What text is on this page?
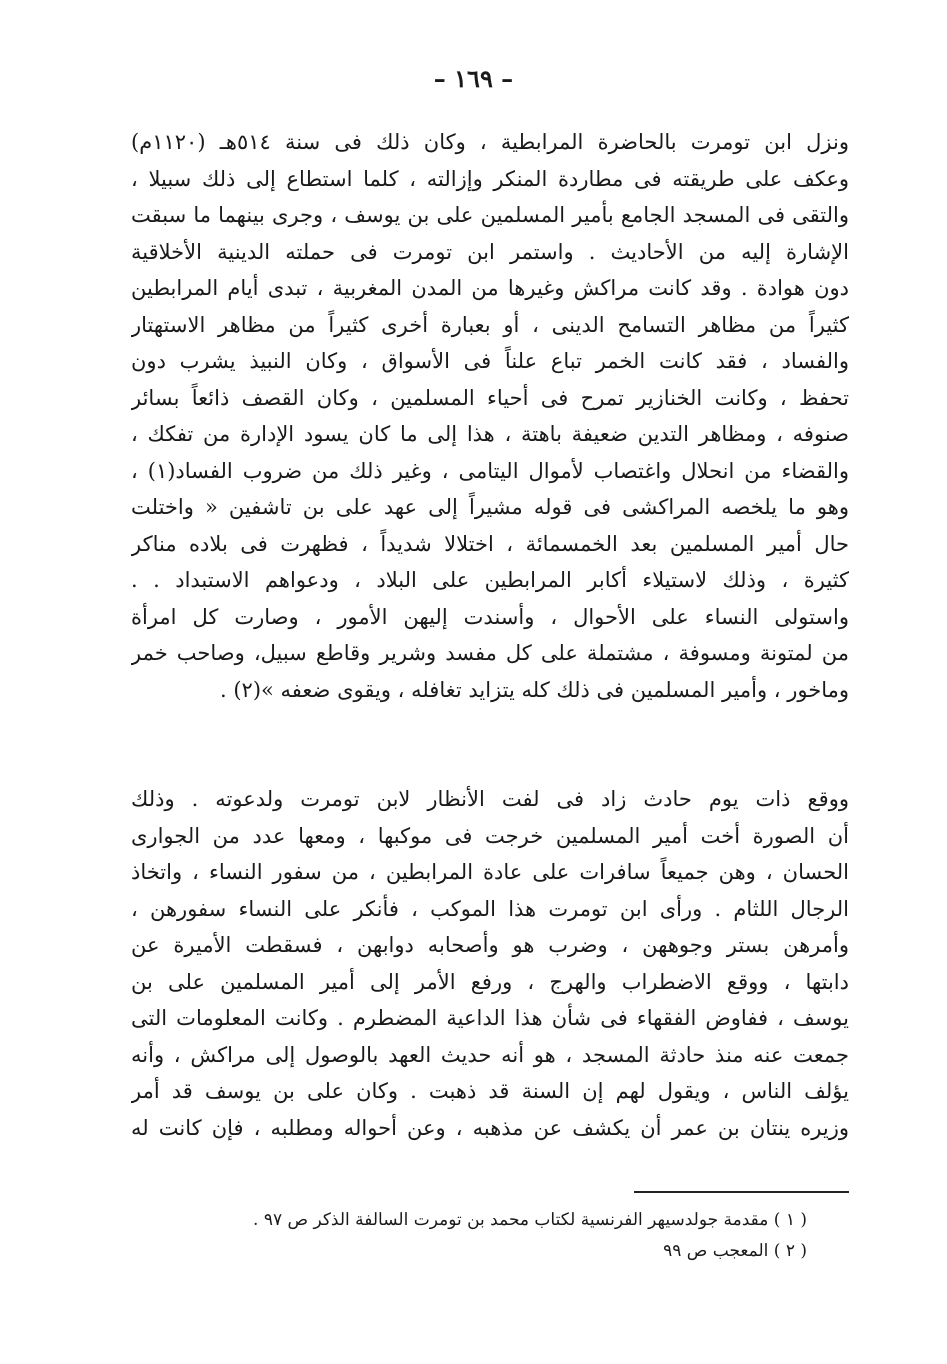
– ١٦٩ –
ونزل ابن تومرت بالحاضرة المرابطية ، وكان ذلك فى سنة ٥١٤هـ (١١٢٠م)
وعكف على طريقته فى مطاردة المنكر وإزالته ، كلما استطاع إلى ذلك سبيلا ،
والتقى فى المسجد الجامع بأمير المسلمين على بن يوسف ، وجرى بينهما ما سبقت
الإشارة إليه من الأحاديث . واستمر ابن تومرت فى حملته الدينية الأخلاقية
دون هوادة . وقد كانت مراكش وغيرها من المدن المغربية ، تبدى أيام المرابطين
كثيراً من مظاهر التسامح الدينى ، أو بعبارة أخرى كثيراً من مظاهر الاستهتار
والفساد ، فقد كانت الخمر تباع علناً فى الأسواق ، وكان النبيذ يشرب دون
تحفظ ، وكانت الخنازير تمرح فى أحياء المسلمين ، وكان القصف ذائعاً بسائر
صنوفه ، ومظاهر التدين ضعيفة باهتة ، هذا إلى ما كان يسود الإدارة من تفكك ،
والقضاء من انحلال واغتصاب لأموال اليتامى ، وغير ذلك من ضروب الفساد(١) ،
وهو ما يلخصه المراكشى فى قوله مشيراً إلى عهد على بن تاشفين « واختلت
حال أمير المسلمين بعد الخمسمائة ، اختلالا شديداً ، فظهرت فى بلاده مناكر
كثيرة ، وذلك لاستيلاء أكابر المرابطين على البلاد ، ودعواهم الاستبداد . .
واستولى النساء على الأحوال ، وأسندت إليهن الأمور ، وصارت كل امرأة
من لمتونة ومسوفة ، مشتملة على كل مفسد وشرير وقاطع سبيل، وصاحب خمر
وماخور ، وأمير المسلمين فى ذلك كله يتزايد تغافله ، ويقوى ضعفه »(٢) .
ووقع ذات يوم حادث زاد فى لفت الأنظار لابن تومرت ولدعوته . وذلك
أن الصورة أخت أمير المسلمين خرجت فى موكبها ، ومعها عدد من الجوارى
الحسان ، وهن جميعاً سافرات على عادة المرابطين ، من سفور النساء ، واتخاذ
الرجال اللثام . ورأى ابن تومرت هذا الموكب ، فأنكر على النساء سفورهن ،
وأمرهن بستر وجوههن ، وضرب هو وأصحابه دوابهن ، فسقطت الأميرة عن
دابتها ، ووقع الاضطراب والهرج ، ورفع الأمر إلى أمير المسلمين على بن
يوسف ، ففاوض الفقهاء فى شأن هذا الداعية المضطرم . وكانت المعلومات التى
جمعت عنه منذ حادثة المسجد ، هو أنه حديث العهد بالوصول إلى مراكش ، وأنه
يؤلف الناس ، ويقول لهم إن السنة قد ذهبت . وكان على بن يوسف قد أمر
وزيره ينتان بن عمر أن يكشف عن مذهبه ، وعن أحواله ومطلبه ، فإن كانت له
( ١ ) مقدمة جولدسيهر الفرنسية لكتاب محمد بن تومرت السالفة الذكر ص ٩٧ .
( ٢ ) المعجب ص ٩٩
